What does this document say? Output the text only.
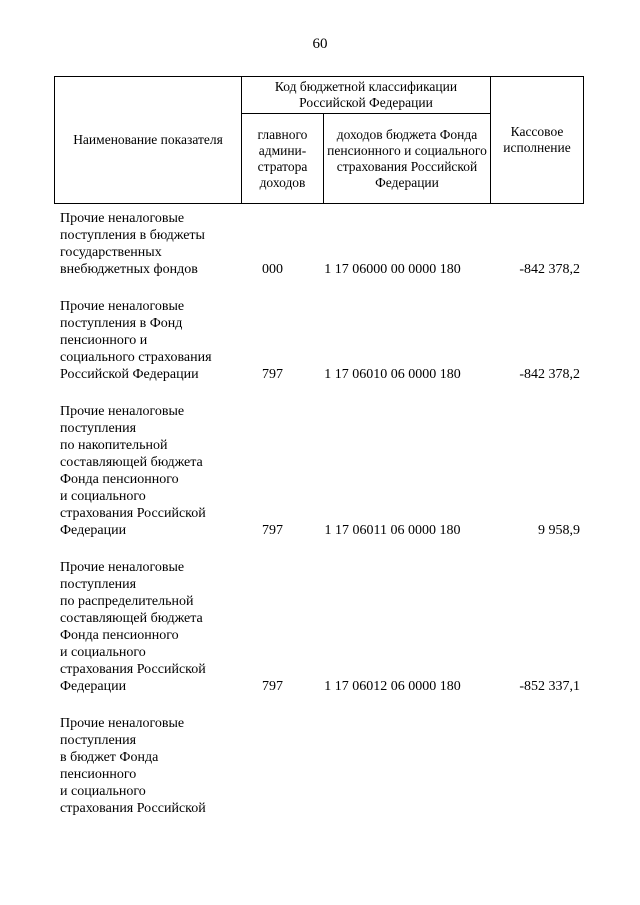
60
Наименование показателя	Код бюджетной классификации Российской Федерации		Кассовое исполнение
	главного админи-стратора доходов	доходов бюджета Фонда пенсионного и социального страхования Российской Федерации	
Прочие неналоговые
поступления в бюджеты
государственных
внебюджетных фондов	000	1 17 06000 00 0000 180	-842 378,2
Прочие неналоговые
поступления в Фонд
пенсионного и
социального страхования
Российской Федерации	797	1 17 06010 06 0000 180	-842 378,2
Прочие неналоговые
поступления
по накопительной
составляющей бюджета
Фонда пенсионного
и социального
страхования Российской
Федерации	797	1 17 06011 06 0000 180	9 958,9
Прочие неналоговые
поступления
по распределительной
составляющей бюджета
Фонда пенсионного
и социального
страхования Российской
Федерации	797	1 17 06012 06 0000 180	-852 337,1
Прочие неналоговые
поступления
в бюджет Фонда
пенсионного
и социального
страхования Российской
